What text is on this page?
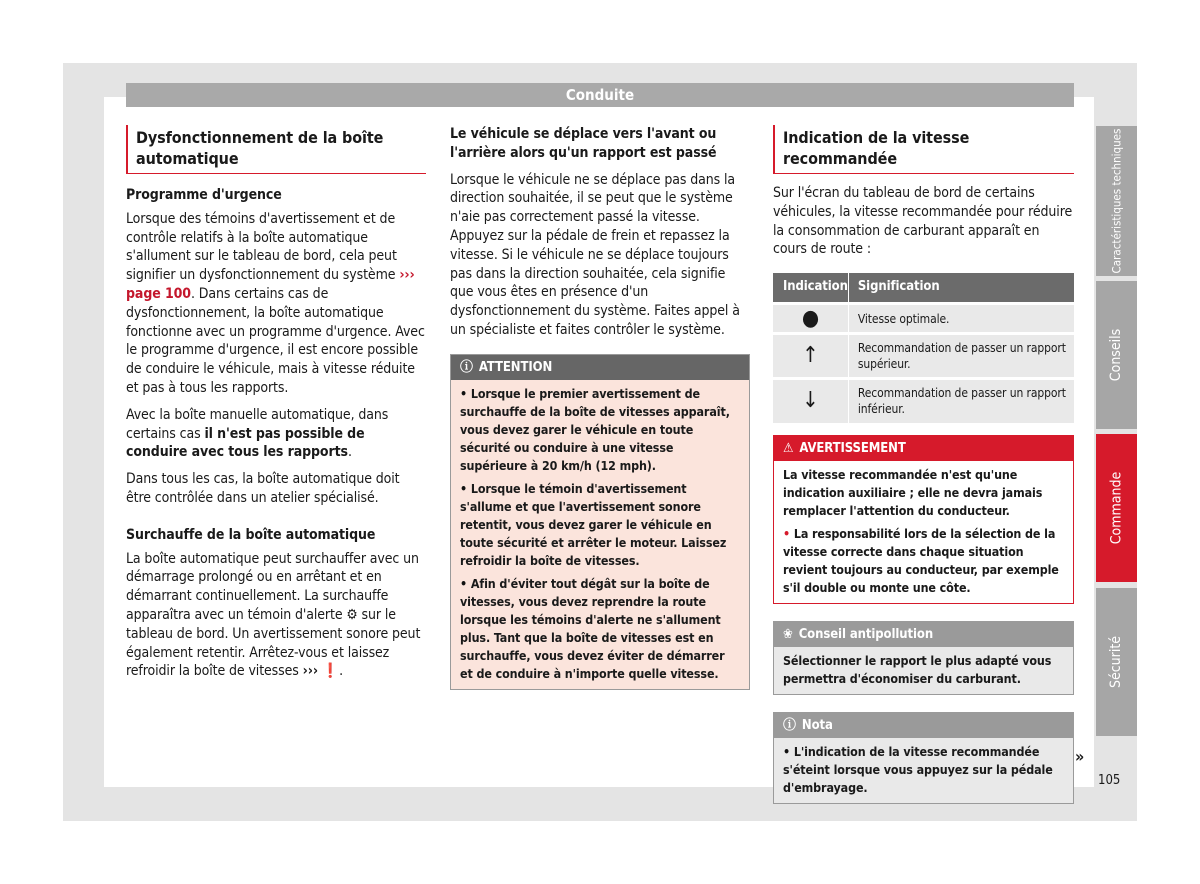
Conduite
Dysfonctionnement de la boîte automatique

Programme d'urgence

Lorsque des témoins d'avertissement et de contrôle relatifs à la boîte automatique s'allument sur le tableau de bord, cela peut signifier un dysfonctionnement du système ››› page 100. Dans certains cas de dysfonctionnement, la boîte automatique fonctionne avec un programme d'urgence. Avec le programme d'urgence, il est encore possible de conduire le véhicule, mais à vitesse réduite et pas à tous les rapports.

Avec la boîte manuelle automatique, dans certains cas il n'est pas possible de conduire avec tous les rapports.

Dans tous les cas, la boîte automatique doit être contrôlée dans un atelier spécialisé.

Surchauffe de la boîte automatique

La boîte automatique peut surchauffer avec un démarrage prolongé ou en arrêtant et en démarrant continuellement. La surchauffe apparaîtra avec un témoin d'alerte ⚙ sur le tableau de bord. Un avertissement sonore peut également retentir. Arrêtez-vous et laissez refroidir la boîte de vitesses ››› ❗.

Le véhicule se déplace vers l'avant ou l'arrière alors qu'un rapport est passé

Lorsque le véhicule ne se déplace pas dans la direction souhaitée, il se peut que le système n'aie pas correctement passé la vitesse. Appuyez sur la pédale de frein et repassez la vitesse. Si le véhicule ne se déplace toujours pas dans la direction souhaitée, cela signifie que vous êtes en présence d'un dysfonctionnement du système. Faites appel à un spécialiste et faites contrôler le système.

ⓘ ATTENTION

• Lorsque le premier avertissement de surchauffe de la boîte de vitesses apparaît, vous devez garer le véhicule en toute sécurité ou conduire à une vitesse supérieure à 20 km/h (12 mph).

• Lorsque le témoin d'avertissement s'allume et que l'avertissement sonore retentit, vous devez garer le véhicule en toute sécurité et arrêter le moteur. Laissez refroidir la boîte de vitesses.

• Afin d'éviter tout dégât sur la boîte de vitesses, vous devez reprendre la route lorsque les témoins d'alerte ne s'allument plus. Tant que la boîte de vitesses est en surchauffe, vous devez éviter de démarrer et de conduire à n'importe quelle vitesse.

Indication de la vitesse recommandée

Sur l'écran du tableau de bord de certains véhicules, la vitesse recommandée pour réduire la consommation de carburant apparaît en cours de route :

Indication	Signification
●	Vitesse optimale.
↑	Recommandation de passer un rapport supérieur.
↓	Recommandation de passer un rapport inférieur.
⚠ AVERTISSEMENT

La vitesse recommandée n'est qu'une indication auxiliaire ; elle ne devra jamais remplacer l'attention du conducteur.

• La responsabilité lors de la sélection de la vitesse correcte dans chaque situation revient toujours au conducteur, par exemple s'il double ou monte une côte.

❀ Conseil antipollution
Sélectionner le rapport le plus adapté vous permettra d'économiser du carburant.
ⓘ Nota
• L'indication de la vitesse recommandée s'éteint lorsque vous appuyez sur la pédale d'embrayage.
»
Caractéristiques techniques
Conseils
Commande
Sécurité
105
